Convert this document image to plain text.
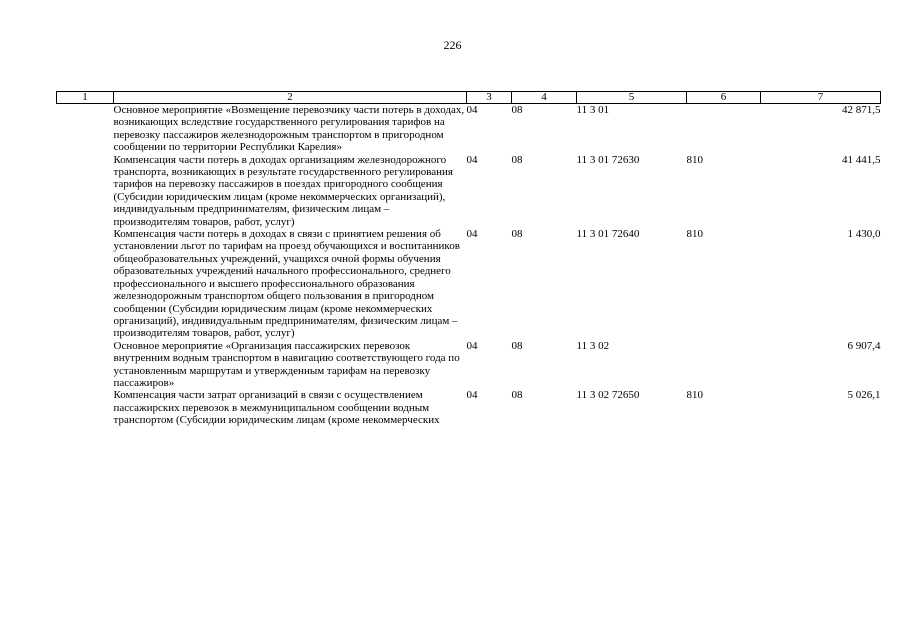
226
1	2	3	4	5	6	7
	Основное мероприятие «Возмещение перевозчику части потерь в доходах, возникающих вследствие государственного регулирования тарифов на перевозку пассажиров железнодорожным транспортом в пригородном сообщении по территории Республики Карелия»	04	08	11 3 01		42 871,5
	Компенсация части потерь в доходах организациям железнодорожного транспорта, возникающих в результате государственного регулирования тарифов на перевозку пассажиров в поездах пригородного сообщения (Субсидии юридическим лицам (кроме некоммерческих организаций), индивидуальным предпринимателям, физическим лицам – производителям товаров, работ, услуг)	04	08	11 3 01 72630	810	41 441,5
	Компенсация части потерь в доходах в связи с принятием решения об установлении льгот по тарифам на проезд обучающихся и воспитанников общеобразовательных учреждений, учащихся очной формы обучения образовательных учреждений начального профессионального, среднего профессионального и высшего профессионального образования железнодорожным транспортом общего пользования в пригородном сообщении (Субсидии юридическим лицам (кроме некоммерческих организаций), индивидуальным предпринимателям, физическим лицам – производителям товаров, работ, услуг)	04	08	11 3 01 72640	810	1 430,0
	Основное мероприятие «Организация пассажирских перевозок внутренним водным транспортом в навигацию соответствующего года по установленным маршрутам и утвержденным тарифам на перевозку пассажиров»	04	08	11 3 02		6 907,4
	Компенсация части затрат организаций в связи с осуществлением пассажирских перевозок в межмуниципальном сообщении водным транспортом (Субсидии юридическим лицам (кроме некоммерческих	04	08	11 3 02 72650	810	5 026,1
